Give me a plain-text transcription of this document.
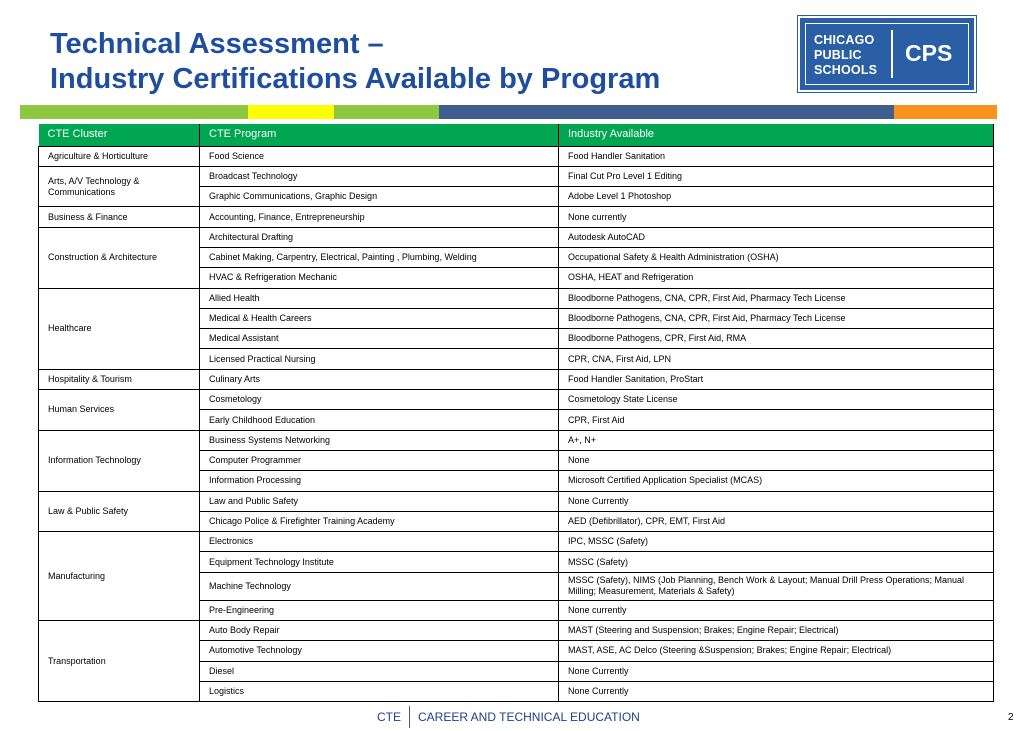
Technical Assessment –
Industry Certifications Available by Program
CHICAGO
PUBLIC
SCHOOLS
CPS
CTE Cluster	CTE Program	Industry Available
Agriculture & Horticulture	Food Science	Food Handler Sanitation
Arts, A/V Technology & Communications	Broadcast Technology	Final Cut Pro Level 1 Editing
	Graphic Communications, Graphic Design	Adobe Level 1 Photoshop
Business & Finance	Accounting, Finance, Entrepreneurship	None currently
Construction & Architecture	Architectural Drafting	Autodesk AutoCAD
	Cabinet Making, Carpentry, Electrical, Painting , Plumbing, Welding	Occupational Safety & Health Administration (OSHA)
	HVAC & Refrigeration Mechanic	OSHA, HEAT and Refrigeration
Healthcare	Allied Health	Bloodborne Pathogens, CNA, CPR, First Aid, Pharmacy Tech License
	Medical & Health Careers	Bloodborne Pathogens, CNA, CPR, First Aid, Pharmacy Tech License
	Medical Assistant	Bloodborne Pathogens, CPR, First Aid, RMA
	Licensed Practical Nursing	CPR, CNA, First Aid, LPN
Hospitality & Tourism	Culinary Arts	Food Handler Sanitation, ProStart
Human Services	Cosmetology	Cosmetology State License
	Early Childhood Education	CPR, First Aid
Information Technology	Business Systems Networking	A+, N+
	Computer Programmer	None
	Information Processing	Microsoft Certified Application Specialist (MCAS)
Law & Public Safety	Law and Public Safety	None Currently
	Chicago Police & Firefighter Training Academy	AED (Defibrillator), CPR, EMT, First Aid
Manufacturing	Electronics	IPC, MSSC (Safety)
	Equipment Technology Institute	MSSC (Safety)
	Machine Technology	MSSC (Safety), NIMS (Job Planning, Bench Work & Layout; Manual Drill Press Operations; Manual Milling; Measurement, Materials & Safety)
	Pre-Engineering	None currently
Transportation	Auto Body Repair	MAST (Steering and Suspension; Brakes; Engine Repair; Electrical)
	Automotive Technology	MAST, ASE, AC Delco (Steering &Suspension; Brakes; Engine Repair; Electrical)
	Diesel	None Currently
	Logistics	None Currently
CTE CAREER AND TECHNICAL EDUCATION	2
